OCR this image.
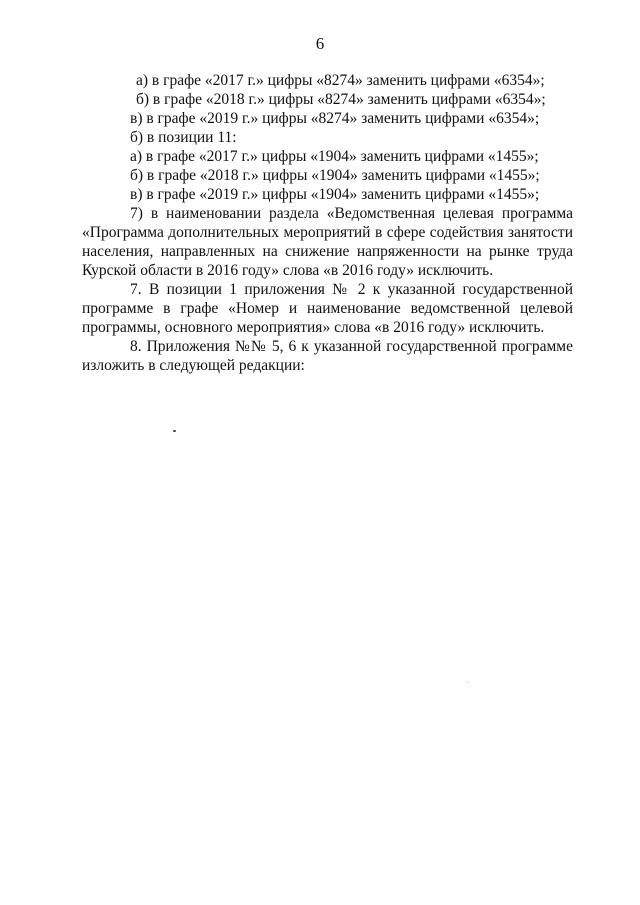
6
а) в графе «2017 г.» цифры «8274» заменить цифрами «6354»;
б) в графе «2018 г.» цифры «8274» заменить цифрами «6354»;
в) в графе «2019 г.» цифры «8274» заменить цифрами «6354»;
б) в позиции 11:
а) в графе «2017 г.» цифры «1904» заменить цифрами «1455»;
б) в графе «2018 г.» цифры «1904» заменить цифрами «1455»;
в) в графе «2019 г.» цифры «1904» заменить цифрами «1455»;
7) в наименовании раздела «Ведомственная целевая программа
«Программа дополнительных мероприятий в сфере содействия занятости
населения, направленных на снижение напряженности на рынке труда
Курской области в 2016 году» слова «в 2016 году» исключить.
7. В позиции 1 приложения № 2 к указанной государственной
программе в графе «Номер и наименование ведомственной целевой
программы, основного мероприятия» слова «в 2016 году» исключить.
8. Приложения №№ 5, 6 к указанной государственной программе
изложить в следующей редакции:
